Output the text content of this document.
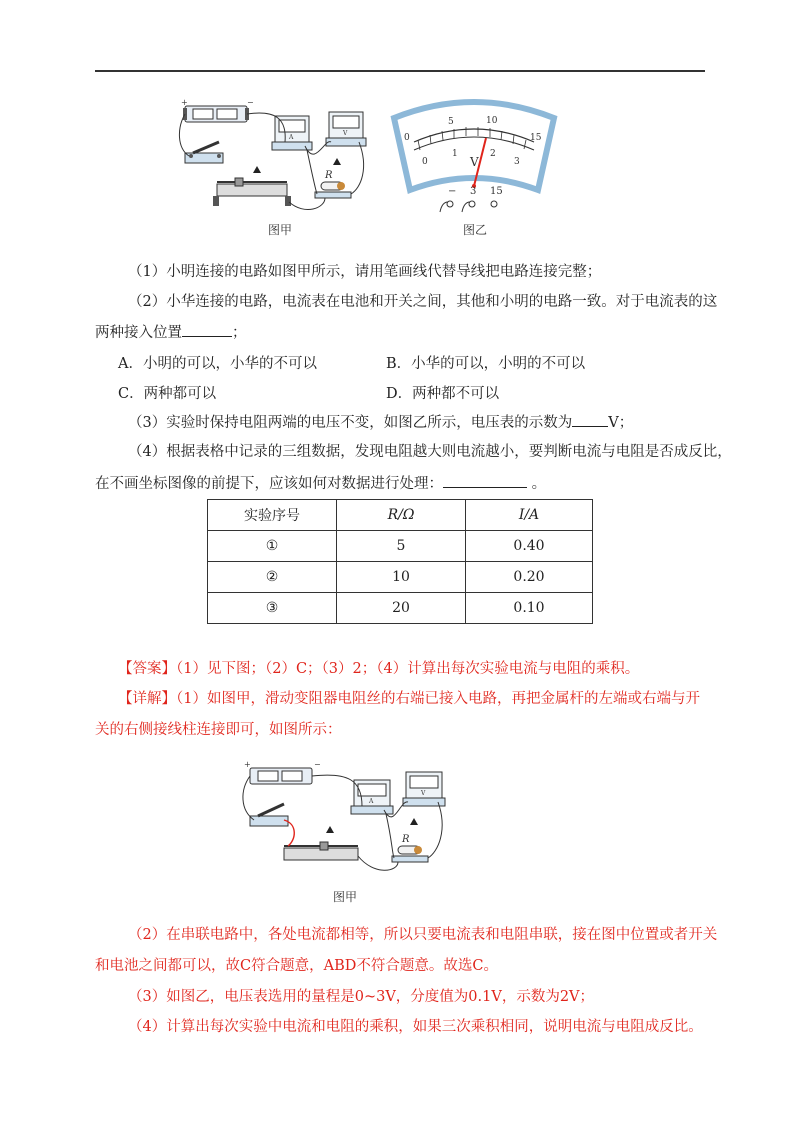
+	−
A
V
R
图甲
0
5	10
15
0
1	2
3
V
− 3 15
图乙
（1）小明连接的电路如图甲所示，请用笔画线代替导线把电路连接完整；
（2）小华连接的电路，电流表在电池和开关之间，其他和小明的电路一致。对于电流表的这
两种接入位置	；
A．小明的可以，小华的不可以	B．小华的可以，小明的不可以
C．两种都可以	D．两种都不可以
（3）实验时保持电阻两端的电压不变，如图乙所示，电压表的示数为 V；
（4）根据表格中记录的三组数据，发现电阻越大则电流越小，要判断电流与电阻是否成反比，
在不画坐标图像的前提下，应该如何对数据进行处理：	。
实验序号	R/Ω	I/A
①	5	0.40
②	10	0.20
③	20	0.10
【答案】（1）见下图；（2）C；（3）2；（4）计算出每次实验电流与电阻的乘积。
【详解】（1）如图甲，滑动变阻器电阻丝的右端已接入电路，再把金属杆的左端或右端与开
关的右侧接线柱连接即可，如图所示：
+	−
A
V
R
图甲
（2）在串联电路中，各处电流都相等，所以只要电流表和电阻串联，接在图中位置或者开关
和电池之间都可以，故C符合题意，ABD不符合题意。故选C。
（3）如图乙，电压表选用的量程是0~3V，分度值为0.1V，示数为2V；
（4）计算出每次实验中电流和电阻的乘积，如果三次乘积相同，说明电流与电阻成反比。
